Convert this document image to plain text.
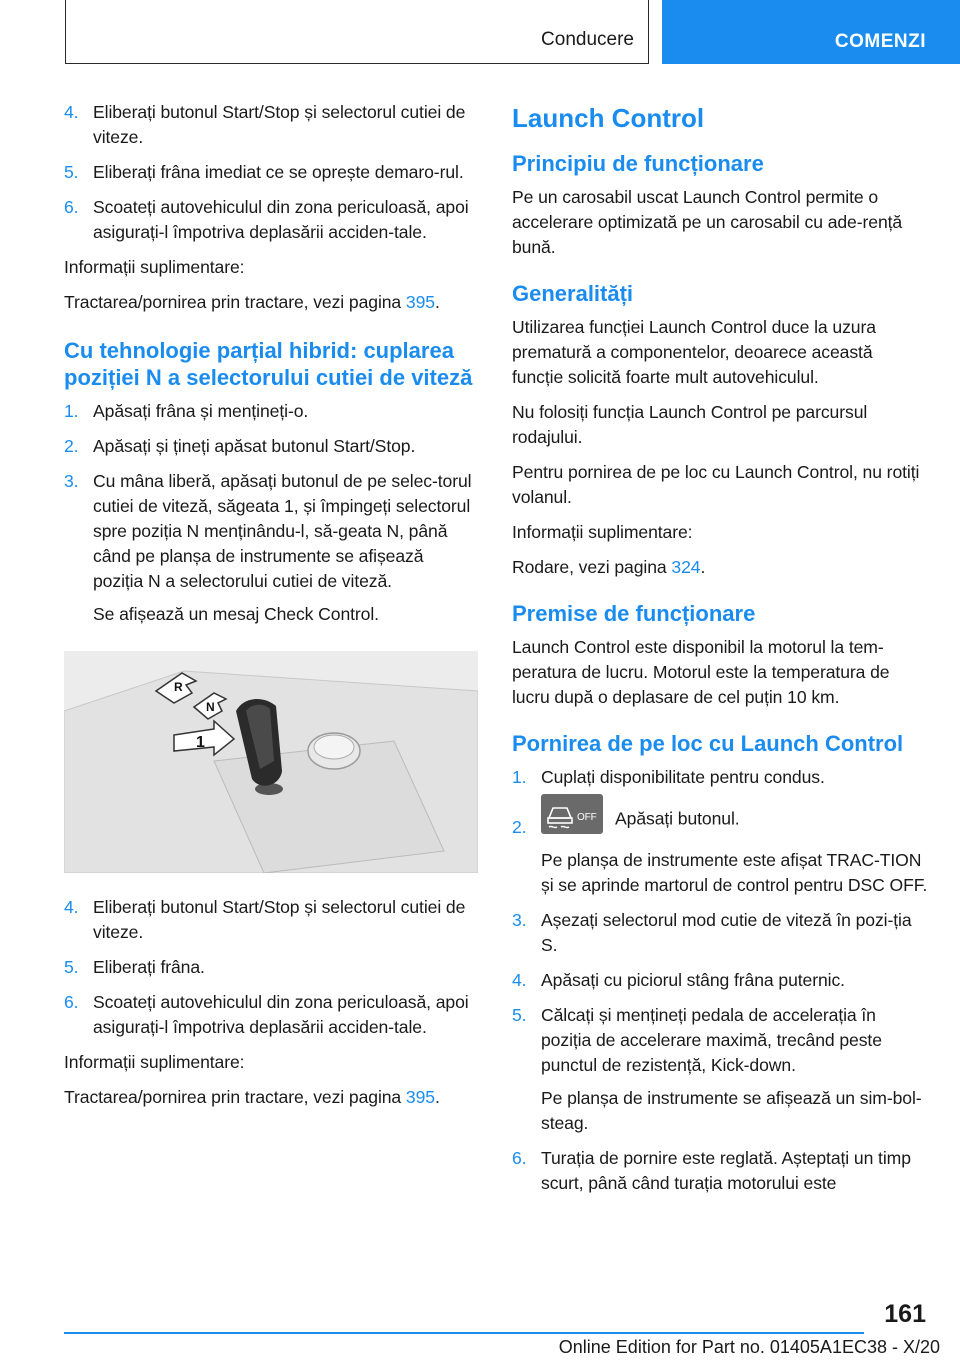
Conducere	COMENZI
4. Eliberați butonul Start/Stop și selectorul cutiei de viteze.
5. Eliberați frâna imediat ce se oprește demaro-rul.
6. Scoateți autovehiculul din zona periculoasă, apoi asigurați-l împotriva deplasării acciden-tale.

Informații suplimentare:

Tractarea/pornirea prin tractare, vezi pagina 395.

Cu tehnologie parțial hibrid: cuplarea poziției N a selectorului cutiei de viteză
1. Apăsați frâna și mențineți-o.
2. Apăsați și țineți apăsat butonul Start/Stop.
3. Cu mâna liberă, apăsați butonul de pe selec-torul cutiei de viteză, săgeata 1, și împingeți selectorul spre poziția N menținându-l, să-geata N, până când pe planșa de instrumente se afișează poziția N a selectorului cutiei de viteză.

Se afișează un mesaj Check Control.

R
N
1
4. Eliberați butonul Start/Stop și selectorul cutiei de viteze.
5. Eliberați frâna.
6. Scoateți autovehiculul din zona periculoasă, apoi asigurați-l împotriva deplasării acciden-tale.

Informații suplimentare:

Tractarea/pornirea prin tractare, vezi pagina 395.

Launch Control
Principiu de funcționare

Pe un carosabil uscat Launch Control permite o accelerare optimizată pe un carosabil cu ade-rență bună.

Generalități

Utilizarea funcției Launch Control duce la uzura prematură a componentelor, deoarece această funcție solicită foarte mult autovehiculul.

Nu folosiți funcția Launch Control pe parcursul rodajului.

Pentru pornirea de pe loc cu Launch Control, nu rotiți volanul.

Informații suplimentare:

Rodare, vezi pagina 324.

Premise de funcționare

Launch Control este disponibil la motorul la tem-peratura de lucru. Motorul este la temperatura de lucru după o deplasare de cel puțin 10 km.

Pornirea de pe loc cu Launch Control
1. Cuplați disponibilitate pentru condus.
2.	OFF Apăsați butonul.

Pe planșa de instrumente este afișat TRAC-TION și se aprinde martorul de control pentru DSC OFF.

3. Așezați selectorul mod cutie de viteză în pozi-ția S.
4. Apăsați cu piciorul stâng frâna puternic.
5. Călcați și mențineți pedala de accelerația în poziția de accelerare maximă, trecând peste punctul de rezistență, Kick-down.

Pe planșa de instrumente se afișează un sim-bol-steag.

6. Turația de pornire este reglată. Așteptați un timp scurt, până când turația motorului este
161
Online Edition for Part no. 01405A1EC38 - X/20
